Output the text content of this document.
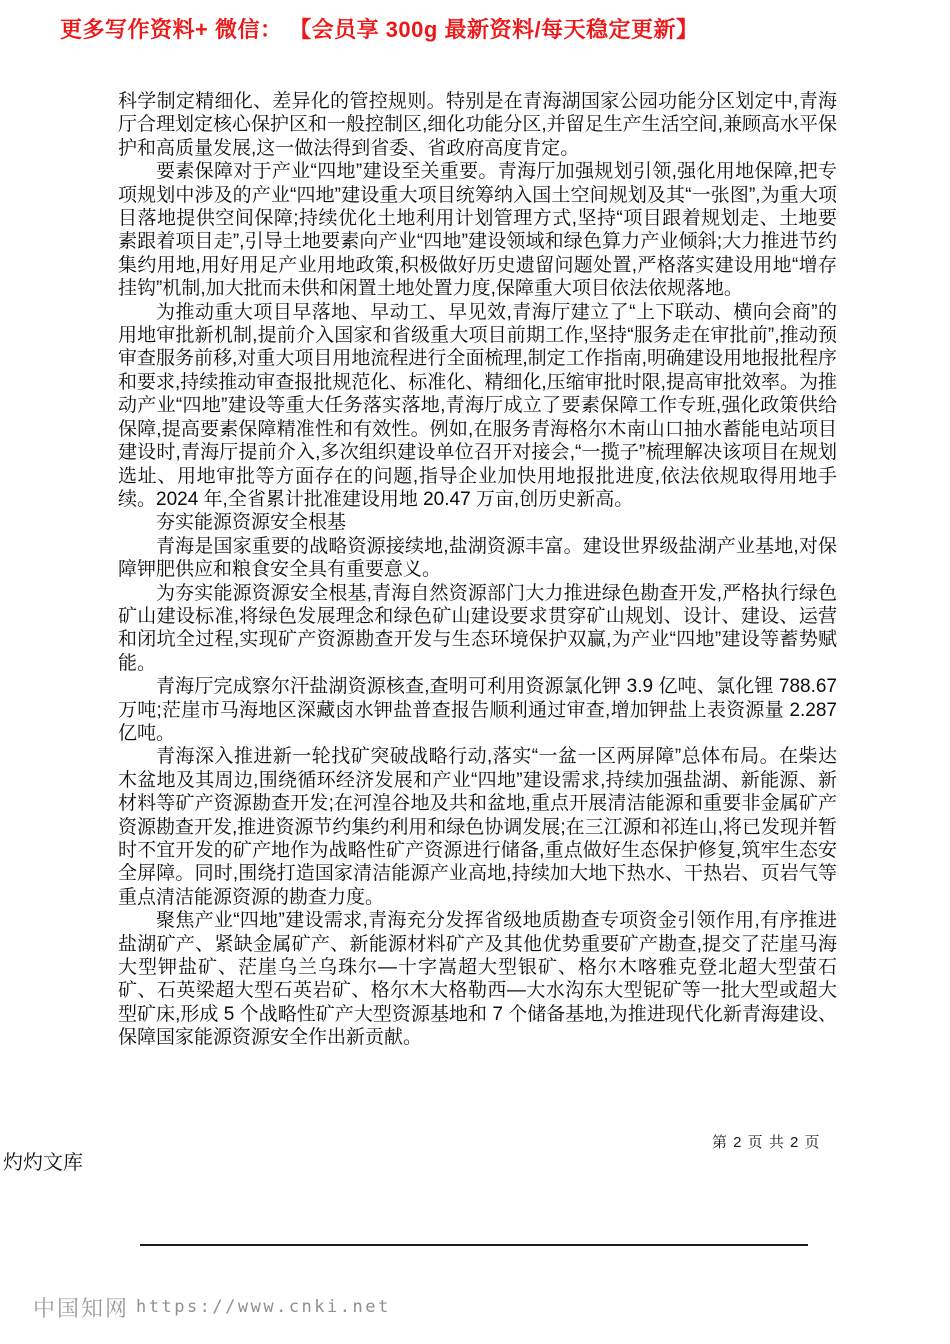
更多写作资料+ 微信： 【会员享 300g 最新资料/每天稳定更新】

科学制定精细化、差异化的管控规则。特别是在青海湖国家公园功能分区划定中,青海厅合理划定核心保护区和一般控制区,细化功能分区,并留足生产生活空间,兼顾高水平保护和高质量发展,这一做法得到省委、省政府高度肯定。

要素保障对于产业“四地”建设至关重要。青海厅加强规划引领,强化用地保障,把专项规划中涉及的产业“四地”建设重大项目统筹纳入国土空间规划及其“一张图”,为重大项目落地提供空间保障;持续优化土地利用计划管理方式,坚持“项目跟着规划走、土地要素跟着项目走”,引导土地要素向产业“四地”建设领域和绿色算力产业倾斜;大力推进节约集约用地,用好用足产业用地政策,积极做好历史遗留问题处置,严格落实建设用地“增存挂钩”机制,加大批而未供和闲置土地处置力度,保障重大项目依法依规落地。

为推动重大项目早落地、早动工、早见效,青海厅建立了“上下联动、横向会商”的用地审批新机制,提前介入国家和省级重大项目前期工作,坚持“服务走在审批前”,推动预审查服务前移,对重大项目用地流程进行全面梳理,制定工作指南,明确建设用地报批程序和要求,持续推动审查报批规范化、标准化、精细化,压缩审批时限,提高审批效率。为推动产业“四地”建设等重大任务落实落地,青海厅成立了要素保障工作专班,强化政策供给保障,提高要素保障精准性和有效性。例如,在服务青海格尔木南山口抽水蓄能电站项目建设时,青海厅提前介入,多次组织建设单位召开对接会,“一揽子”梳理解决该项目在规划选址、用地审批等方面存在的问题,指导企业加快用地报批进度,依法依规取得用地手续。2024 年,全省累计批准建设用地 20.47 万亩,创历史新高。

夯实能源资源安全根基

青海是国家重要的战略资源接续地,盐湖资源丰富。建设世界级盐湖产业基地,对保障钾肥供应和粮食安全具有重要意义。

为夯实能源资源安全根基,青海自然资源部门大力推进绿色勘查开发,严格执行绿色矿山建设标准,将绿色发展理念和绿色矿山建设要求贯穿矿山规划、设计、建设、运营和闭坑全过程,实现矿产资源勘查开发与生态环境保护双赢,为产业“四地”建设等蓄势赋能。

青海厅完成察尔汗盐湖资源核查,查明可利用资源氯化钾 3.9 亿吨、氯化锂 788.67 万吨;茫崖市马海地区深藏卤水钾盐普查报告顺利通过审查,增加钾盐上表资源量 2.287 亿吨。

青海深入推进新一轮找矿突破战略行动,落实“一盆一区两屏障”总体布局。在柴达木盆地及其周边,围绕循环经济发展和产业“四地”建设需求,持续加强盐湖、新能源、新材料等矿产资源勘查开发;在河湟谷地及共和盆地,重点开展清洁能源和重要非金属矿产资源勘查开发,推进资源节约集约利用和绿色协调发展;在三江源和祁连山,将已发现并暂时不宜开发的矿产地作为战略性矿产资源进行储备,重点做好生态保护修复,筑牢生态安全屏障。同时,围绕打造国家清洁能源产业高地,持续加大地下热水、干热岩、页岩气等重点清洁能源资源的勘查力度。

聚焦产业“四地”建设需求,青海充分发挥省级地质勘查专项资金引领作用,有序推进盐湖矿产、紧缺金属矿产、新能源材料矿产及其他优势重要矿产勘查,提交了茫崖马海大型钾盐矿、茫崖乌兰乌珠尔—十字嵩超大型银矿、格尔木喀雅克登北超大型萤石矿、石英梁超大型石英岩矿、格尔木大格勒西—大水沟东大型铌矿等一批大型或超大型矿床,形成 5 个战略性矿产大型资源基地和 7 个储备基地,为推进现代化新青海建设、保障国家能源资源安全作出新贡献。

第 2 页 共 2 页
灼灼文库
中国知网 https://www.cnki.net
